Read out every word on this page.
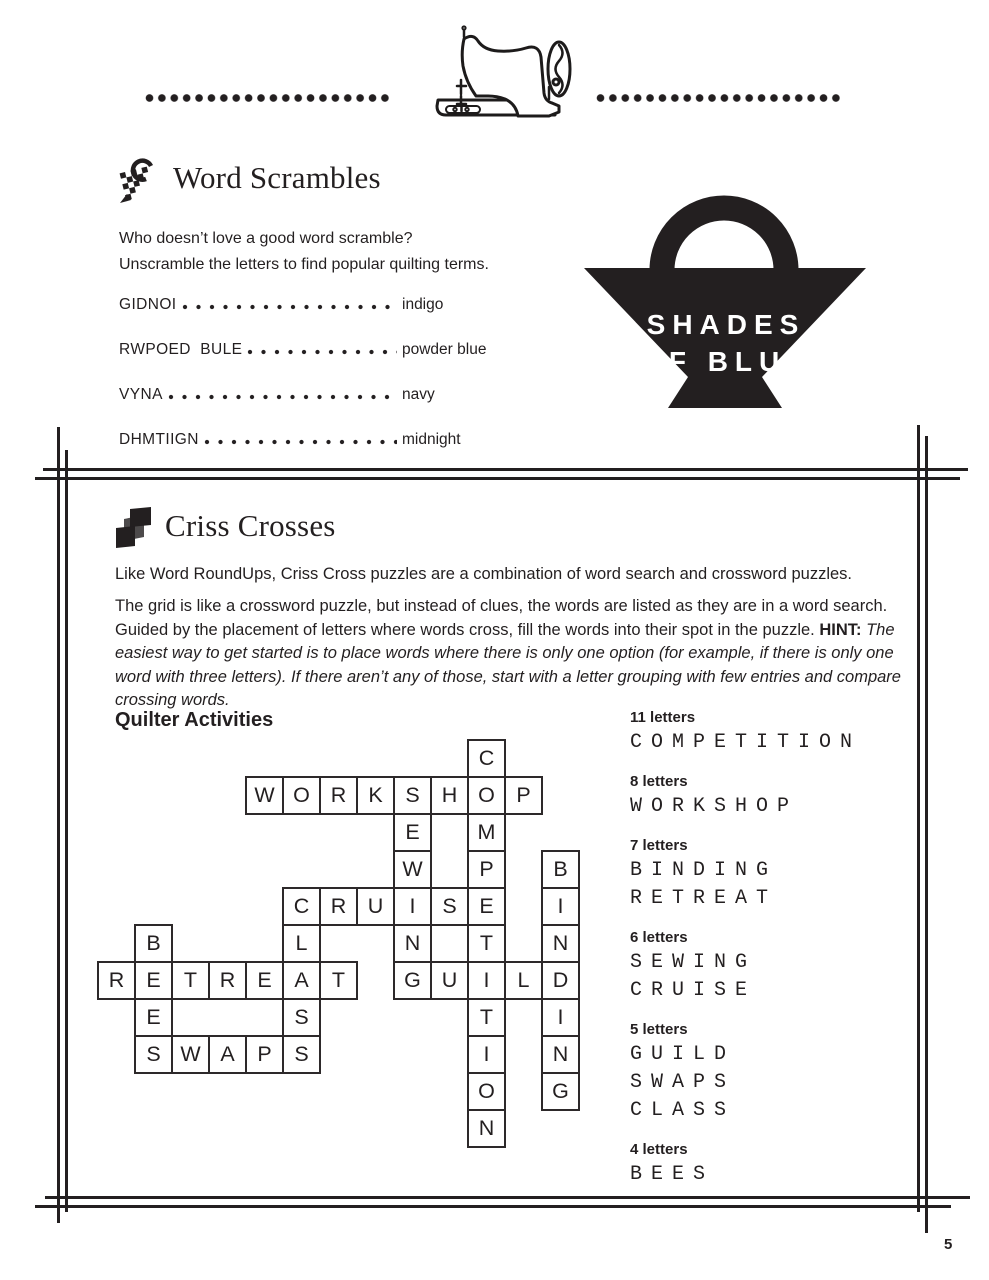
Word Scrambles

Who doesn’t love a good word scramble?
Unscramble the letters to find popular quilting terms.

GIDNOI	indigo
RWPOED  BULE	powder blue
VYNA	navy
DHMTIIGN	midnight
SHADES
OF BLUE
Criss Crosses

Like Word RoundUps, Criss Cross puzzles are a combination of word search and crossword puzzles.

The grid is like a crossword puzzle, but instead of clues, the words are listed as they are in a word search. Guided by the placement of letters where words cross, fill the words into their spot in the puzzle. HINT: The easiest way to get started is to place words where there is only one option (for example, if there is only one word with three letters). If there aren’t any of those, start with a letter grouping with few entries and compare crossing words.

Quilter Activities
C
O
M
P
E
T
I
T
I
O
N
W O R	K	S	H	P
E
W
I
N
G
B
I
N
D
I
N
G
C R U	S
L
A
S
S
B
E
E
S
R	T	R	E	T	U	L
W A	P
11 letters
COMPETITION
8 letters
WORKSHOP
7 letters
BINDING
RETREAT
6 letters
SEWING
CRUISE
5 letters
GUILD
SWAPS
CLASS
4 letters
BEES
5
